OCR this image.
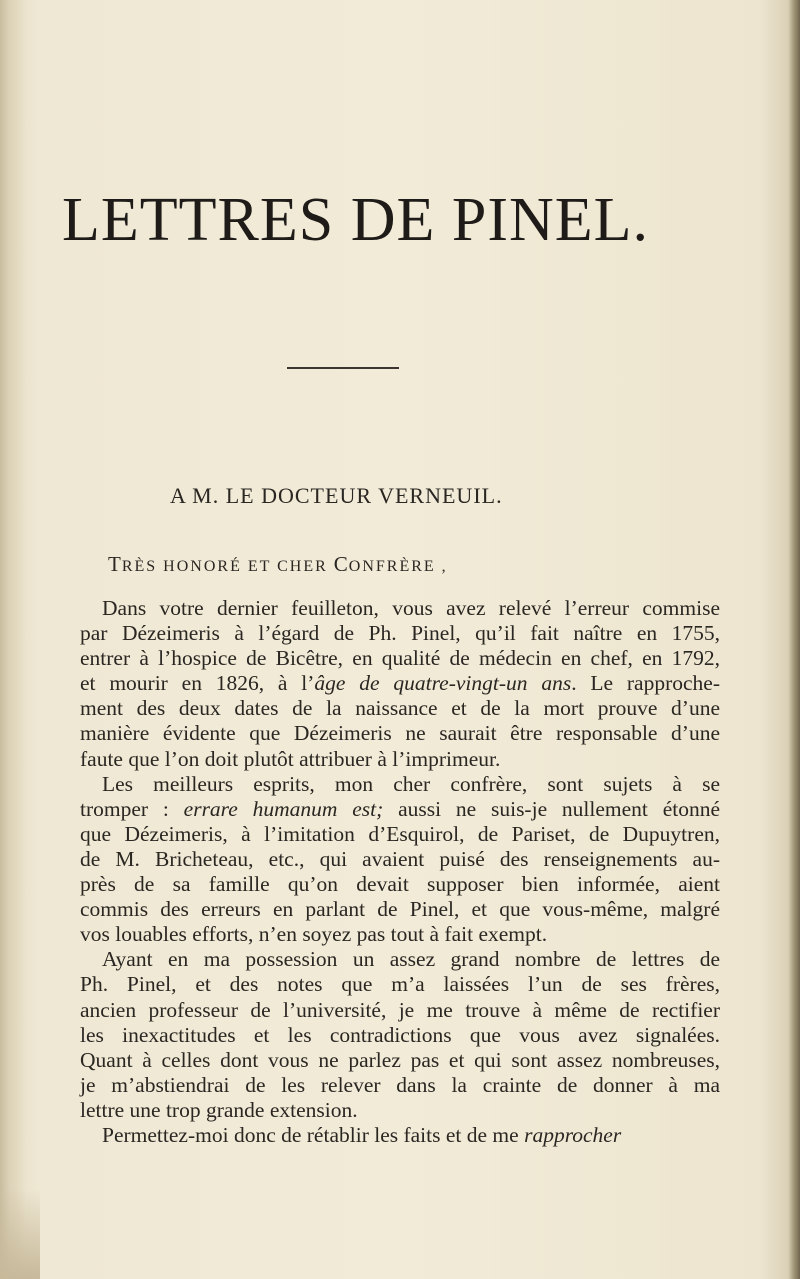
LETTRES DE PINEL.
A M. LE DOCTEUR VERNEUIL.

TRÈS HONORÉ ET CHER CONFRÈRE ,

Dans votre dernier feuilleton, vous avez relevé l’erreur commise
par Dézeimeris à l’égard de Ph. Pinel, qu’il fait naître en 1755,
entrer à l’hospice de Bicêtre, en qualité de médecin en chef, en 1792,
et mourir en 1826, à l’âge de quatre-vingt-un ans. Le rapproche-
ment des deux dates de la naissance et de la mort prouve d’une
manière évidente que Dézeimeris ne saurait être responsable d’une
faute que l’on doit plutôt attribuer à l’imprimeur.
Les meilleurs esprits, mon cher confrère, sont sujets à se
tromper : errare humanum est; aussi ne suis-je nullement étonné
que Dézeimeris, à l’imitation d’Esquirol, de Pariset, de Dupuytren,
de M. Bricheteau, etc., qui avaient puisé des renseignements au-
près de sa famille qu’on devait supposer bien informée, aient
commis des erreurs en parlant de Pinel, et que vous-même, malgré
vos louables efforts, n’en soyez pas tout à fait exempt.
Ayant en ma possession un assez grand nombre de lettres de
Ph. Pinel, et des notes que m’a laissées l’un de ses frères,
ancien professeur de l’université, je me trouve à même de rectifier
les inexactitudes et les contradictions que vous avez signalées.
Quant à celles dont vous ne parlez pas et qui sont assez nombreuses,
je m’abstiendrai de les relever dans la crainte de donner à ma
lettre une trop grande extension.
Permettez-moi donc de rétablir les faits et de me rapprocher
